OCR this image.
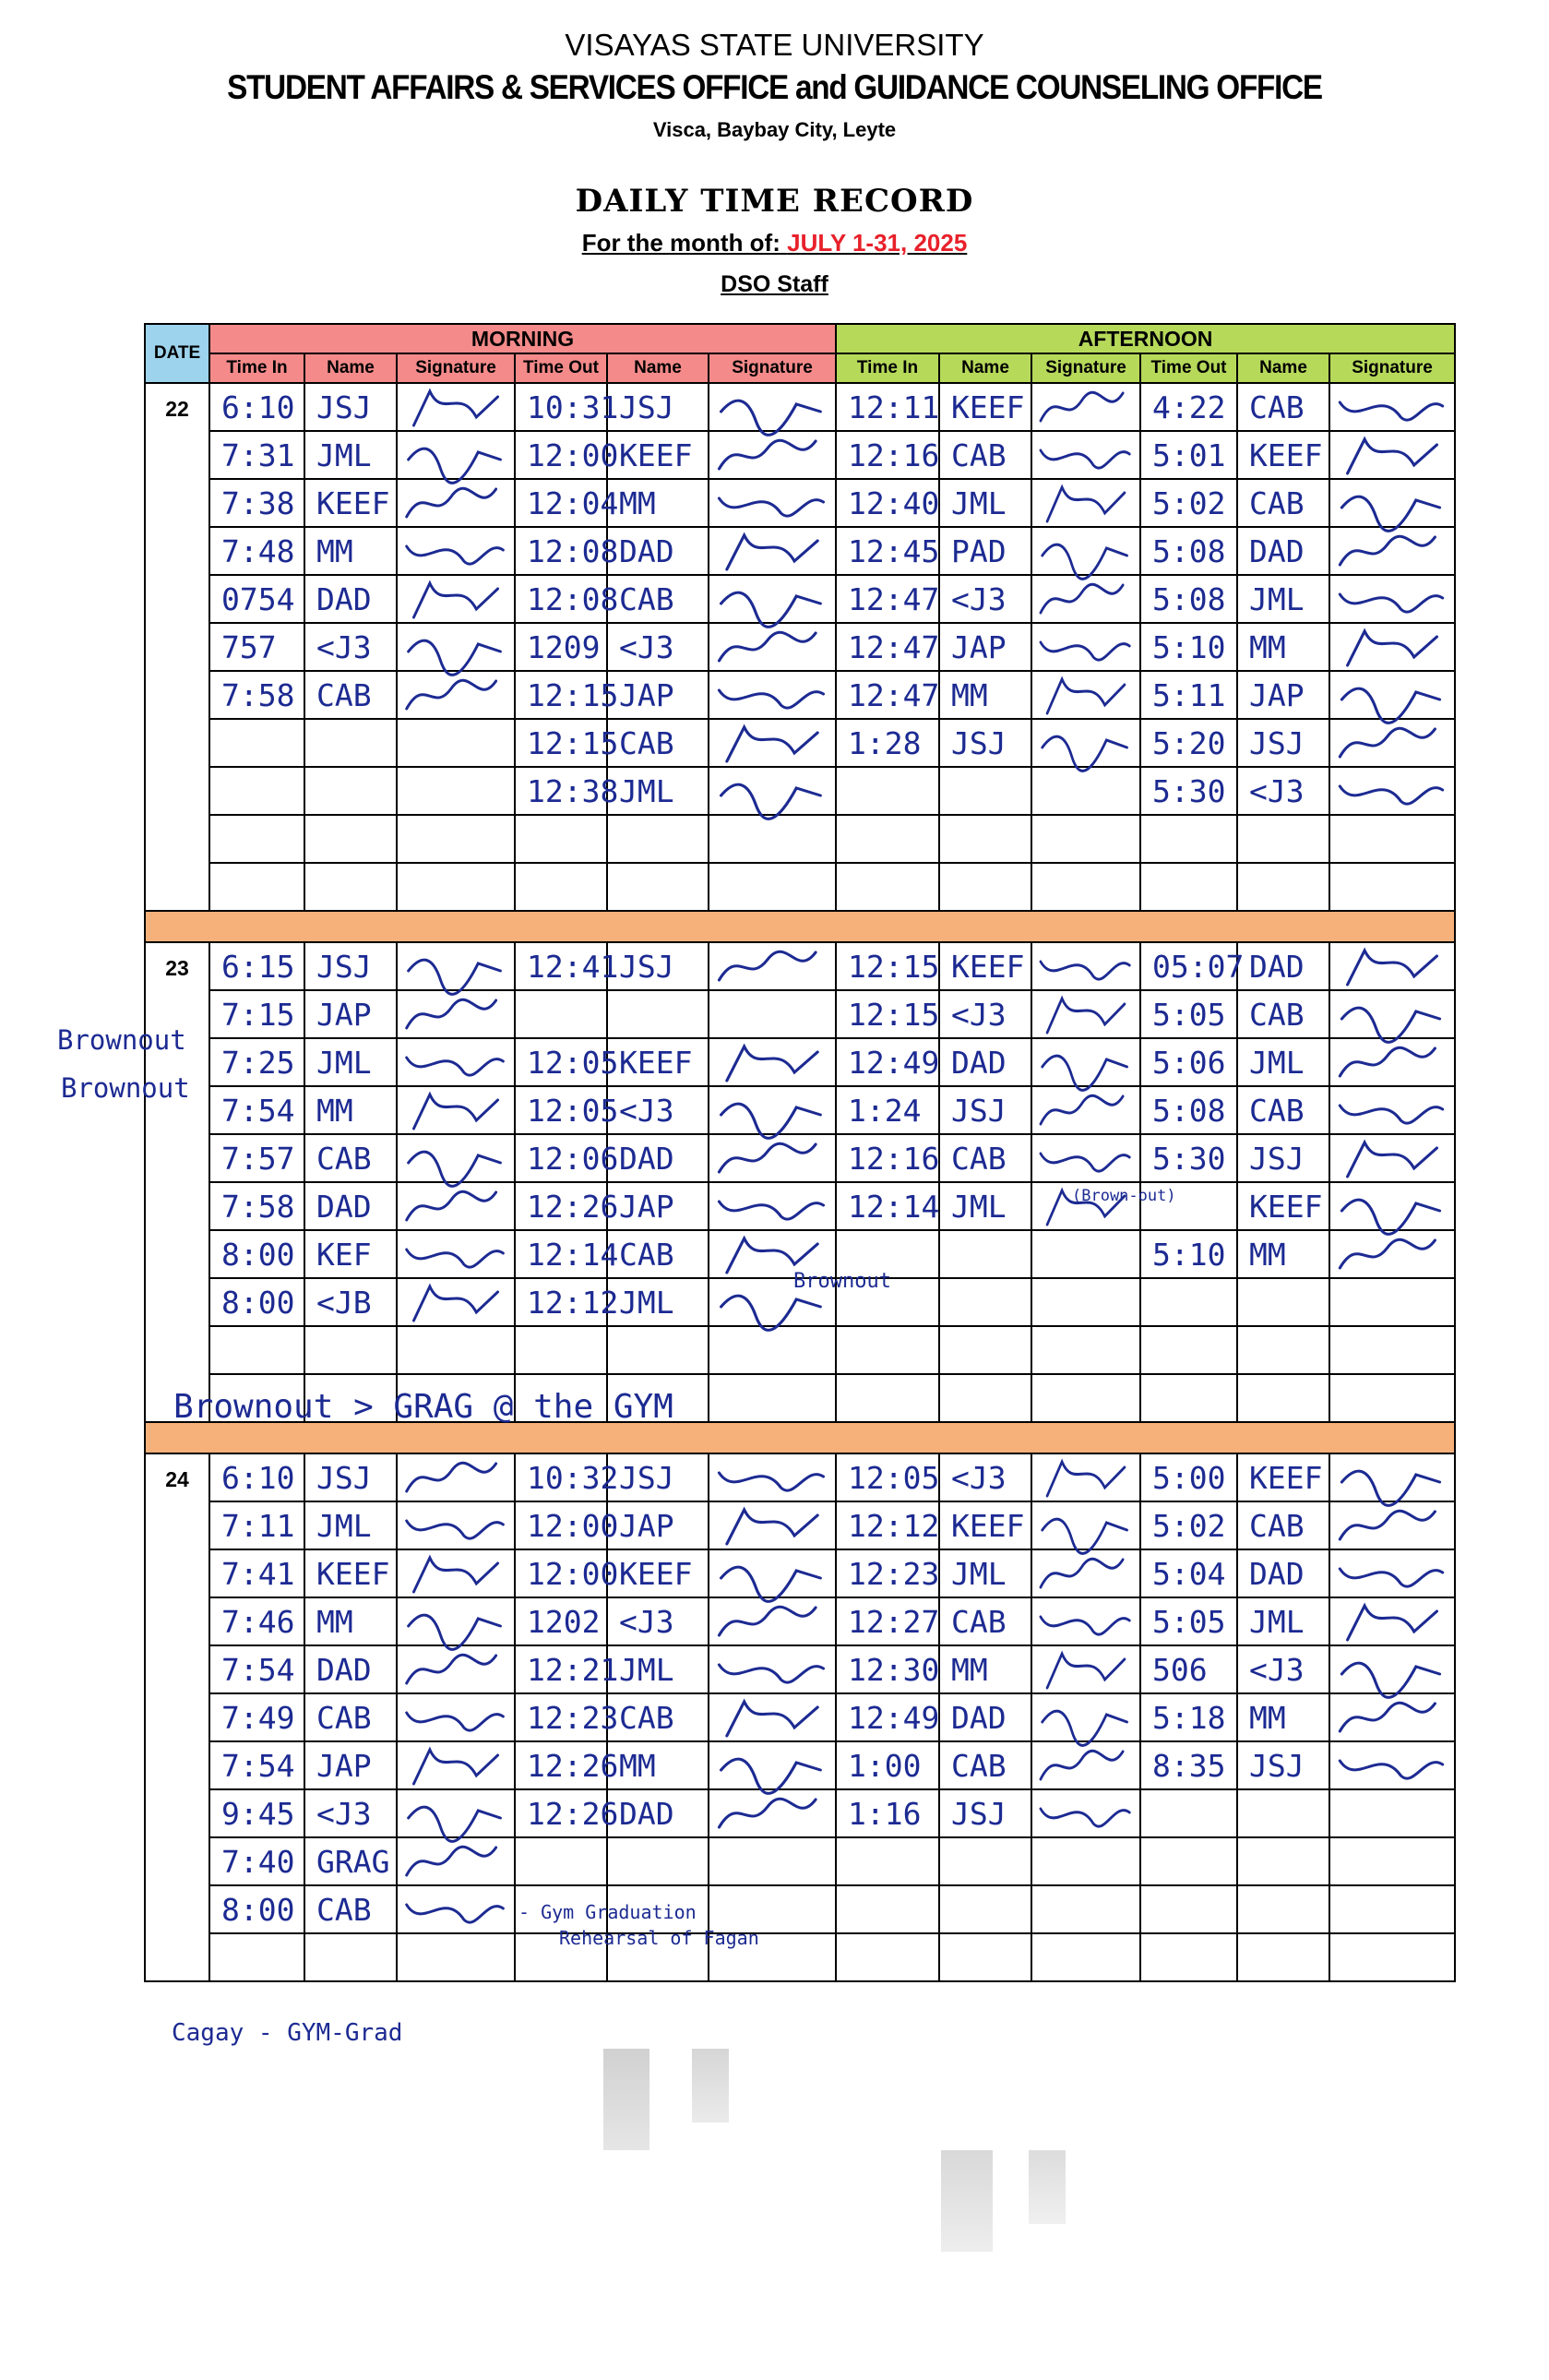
VISAYAS STATE UNIVERSITY
STUDENT AFFAIRS & SERVICES OFFICE and GUIDANCE COUNSELING OFFICE
Visca, Baybay City, Leyte
DAILY TIME RECORD
For the month of: JULY 1-31, 2025
DSO Staff
DATE	MORNING						AFTERNOON					
	Time In	Name	Signature	Time Out	Name	Signature	Time In	Name	Signature	Time Out	Name	Signature
22	6:10	JSJ		10:31	JSJ		12:11	KEEF		4:22	CAB	

	7:31	JML		12:00	KEEF		12:16	CAB		5:01	KEEF	

	7:38	KEEF		12:04	MM		12:40	JML		5:02	CAB	

	7:48	MM		12:08	DAD		12:45	PAD		5:08	DAD	

	0754	DAD		12:08	CAB		12:47	<J3		5:08	JML	

	757	<J3		1209	<J3		12:47	JAP		5:10	MM	

	7:58	CAB		12:15	JAP		12:47	MM		5:11	JAP	

				12:15	CAB		1:28	JSJ		5:20	JSJ	

				12:38	JML					5:30	<J3	

23	6:15	JSJ		12:41	JSJ		12:15	KEEF		05:07	DAD	

	7:15	JAP					12:15	<J3		5:05	CAB	

	7:25	JML		12:05	KEEF		12:49	DAD		5:06	JML	

	7:54	MM		12:05	<J3		1:24	JSJ		5:08	CAB	

	7:57	CAB		12:06	DAD		12:16	CAB		5:30	JSJ	

	7:58	DAD		12:26	JAP		12:14	JML			KEEF	

	8:00	KEF		12:14	CAB					5:10	MM	

	8:00	<JB		12:12	JML	

24	6:10	JSJ		10:32	JSJ		12:05	<J3		5:00	KEEF	

	7:11	JML		12:00	JAP		12:12	KEEF		5:02	CAB	

	7:41	KEEF		12:00	KEEF		12:23	JML		5:04	DAD	

	7:46	MM		1202	<J3		12:27	CAB		5:05	JML	

	7:54	DAD		12:21	JML		12:30	MM		506	<J3	

	7:49	CAB		12:23	CAB		12:49	DAD		5:18	MM	

	7:54	JAP		12:26	MM		1:00	CAB		8:35	JSJ	

	9:45	<J3		12:26	DAD		1:16	JSJ	

	7:40	GRAG	

	8:00	CAB	

Brownout
Brownout
Brownout
(Brown-out)
Brownout > GRAG @ the GYM
- Gym Graduation
Rehearsal of Fagan
Cagay - GYM-Grad
